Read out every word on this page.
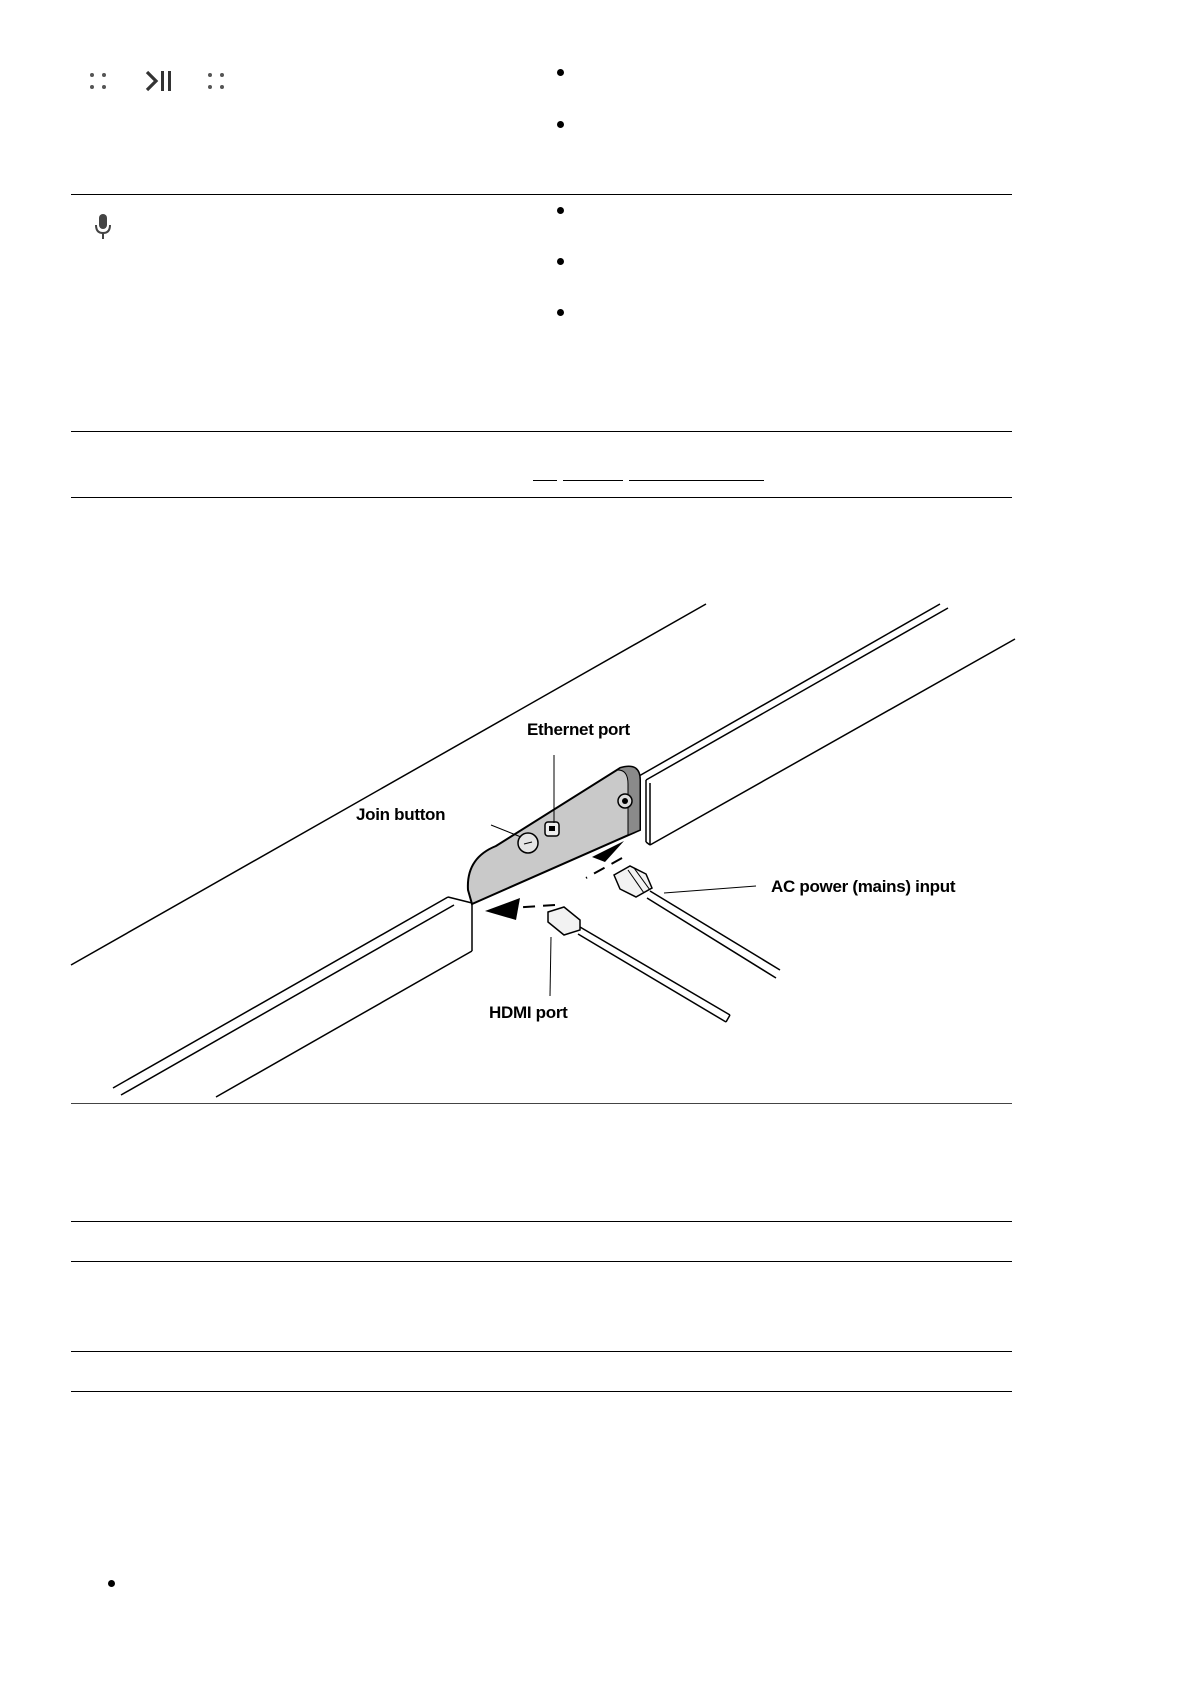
Ethernet port
Join button
AC power (mains) input
HDMI port
